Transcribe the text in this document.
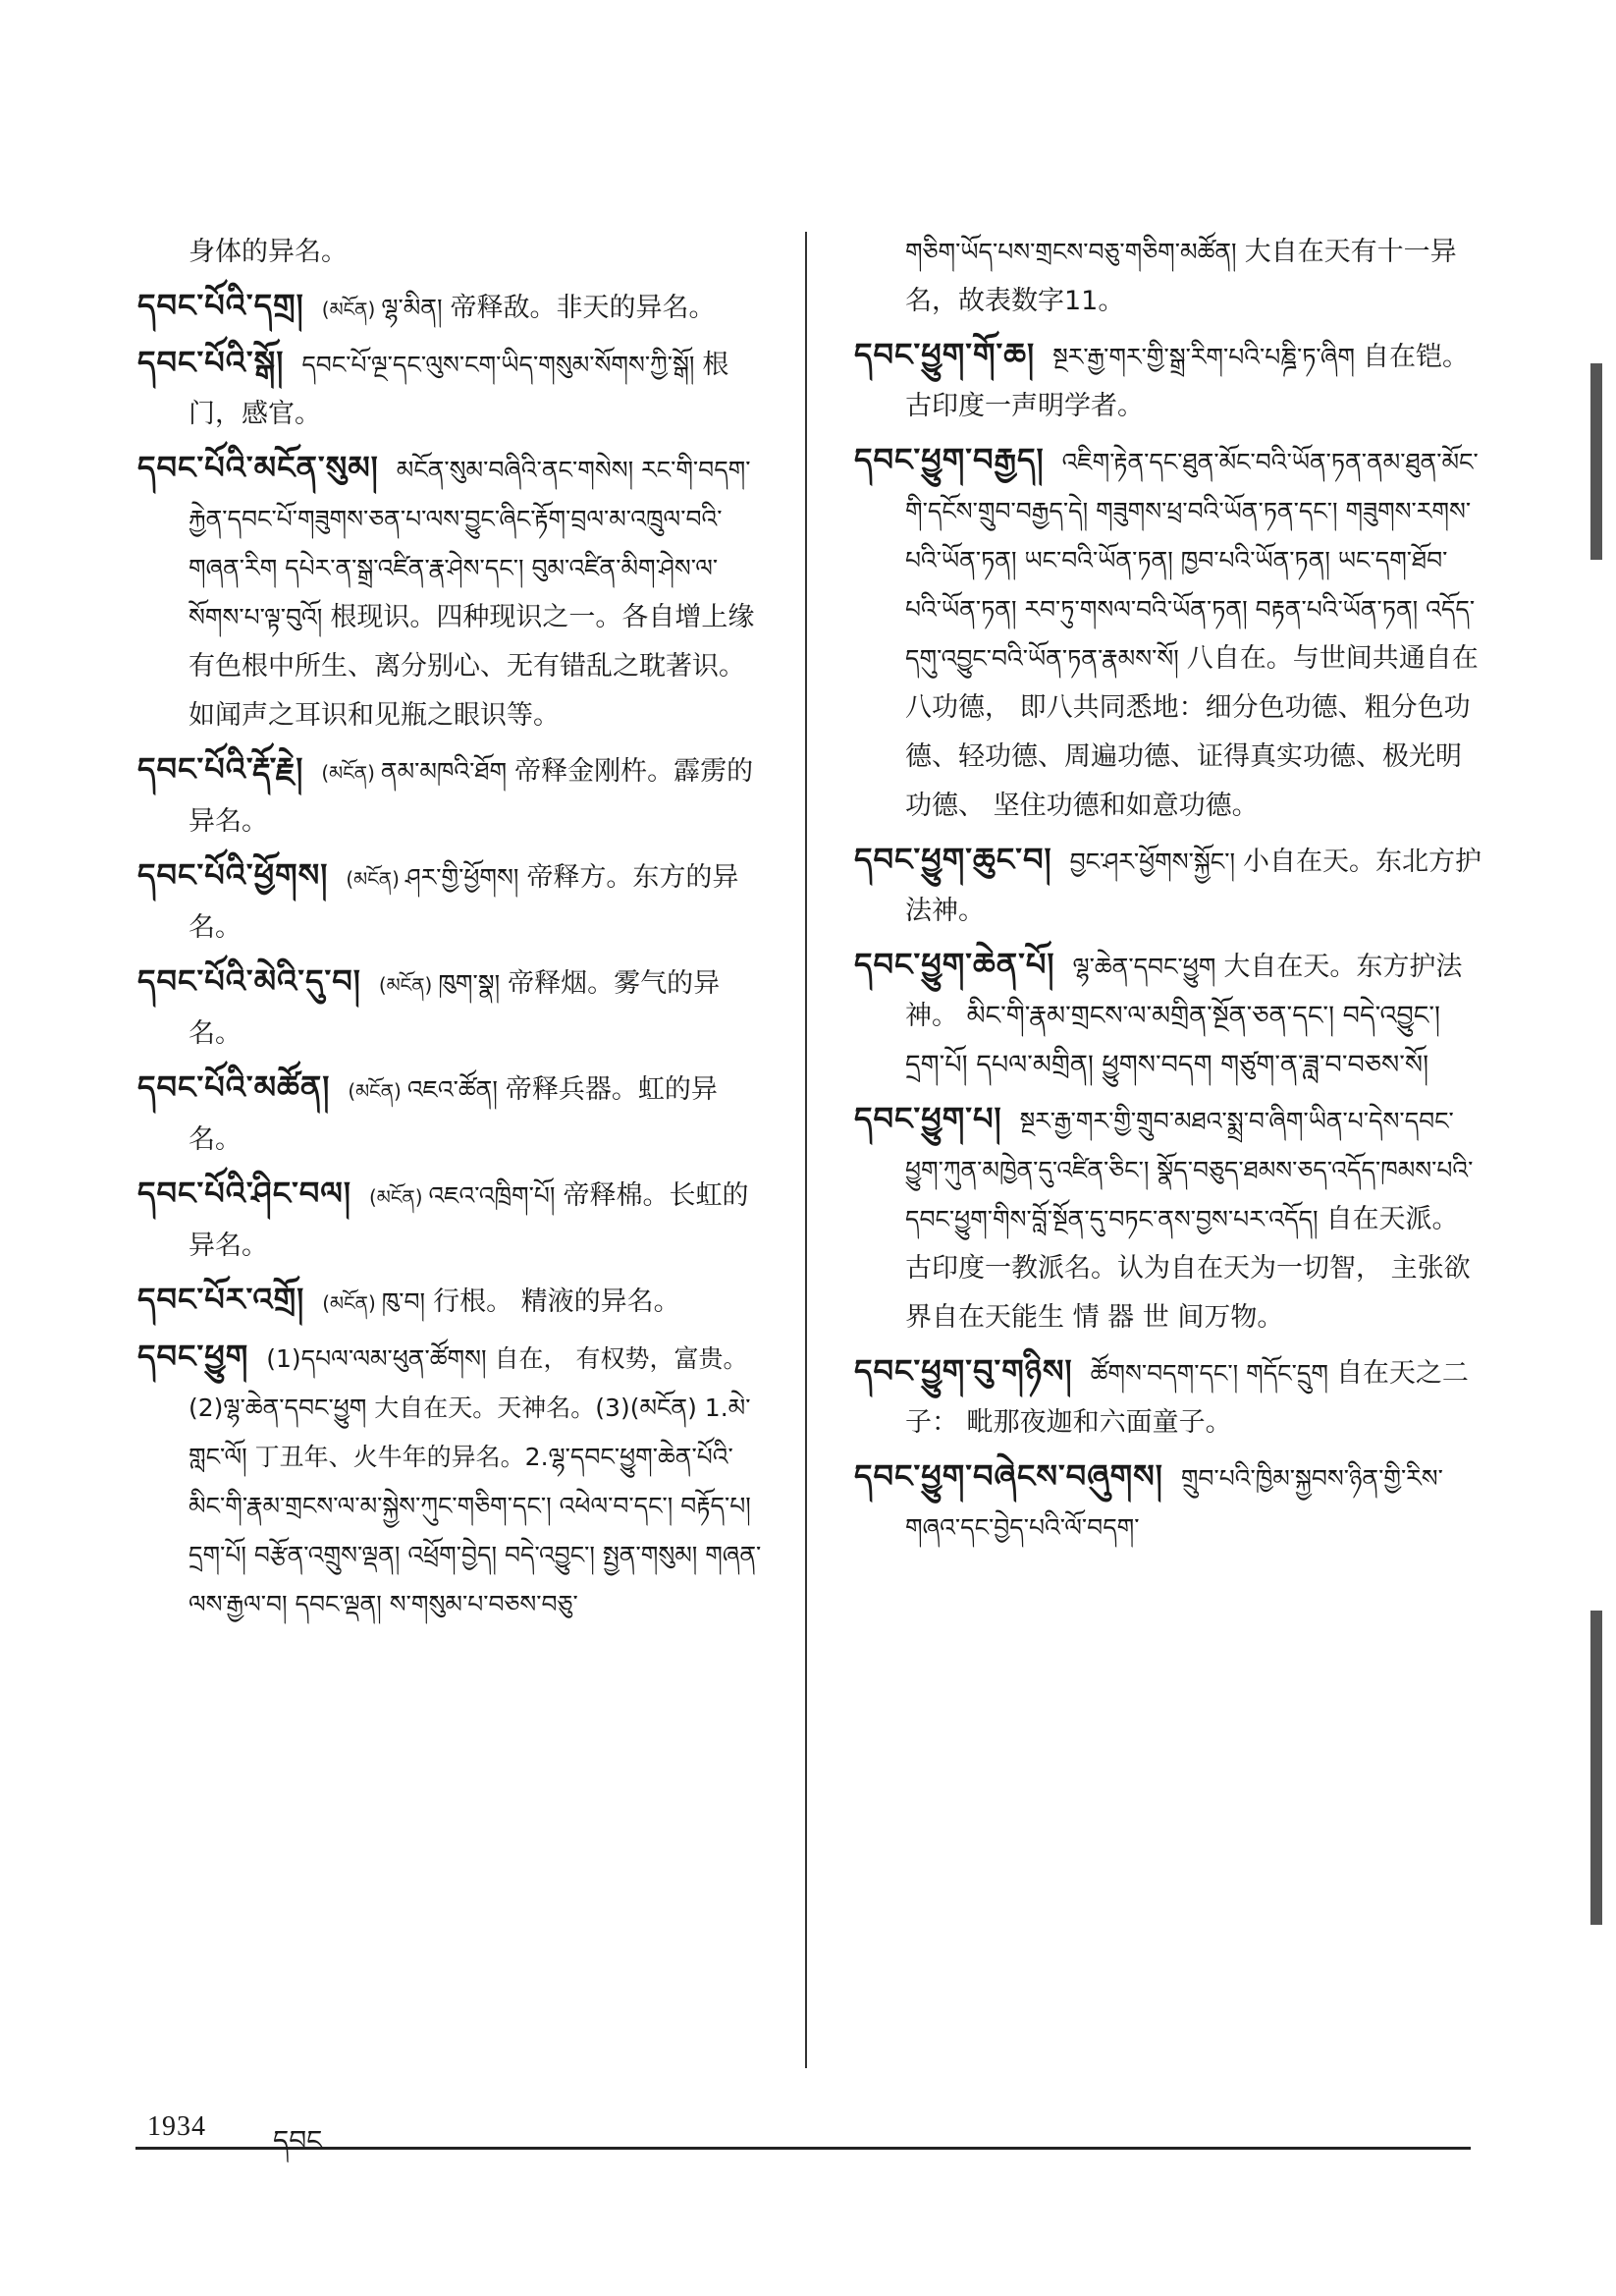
身体的异名。

དབང་པོའི་དགྲ། (མངོན) ལྷ་མིན། 帝释敌。非天的异名。

དབང་པོའི་སྒོ། དབང་པོ་ལྔ་དང་ལུས་ངག་ཡིད་གསུམ་སོགས་ཀྱི་སྒོ། 根门，感官。

དབང་པོའི་མངོན་སུམ། མངོན་སུམ་བཞིའི་ནང་གསེས། རང་གི་བདག་རྐྱེན་དབང་པོ་གཟུགས་ཅན་པ་ལས་བྱུང་ཞིང་རྟོག་བྲལ་མ་འཁྲུལ་བའི་གཞན་རིག དཔེར་ན་སྒྲ་འཛིན་རྣ་ཤེས་དང་། བུམ་འཛིན་མིག་ཤེས་ལ་སོགས་པ་ལྟ་བུའོ། 根现识。四种现识之一。各自增上缘有色根中所生、离分别心、无有错乱之耽著识。 如闻声之耳识和见瓶之眼识等。

དབང་པོའི་རྡོ་རྗེ། (མངོན) ནམ་མཁའི་ཐོག 帝释金刚杵。霹雳的异名。

དབང་པོའི་ཕྱོགས། (མངོན) ཤར་གྱི་ཕྱོགས། 帝释方。东方的异名。

དབང་པོའི་མེའི་དུ་བ། (མངོན) ཁུག་སྣ། 帝释烟。雾气的异名。

དབང་པོའི་མཚོན། (མངོན) འཇའ་ཚོན། 帝释兵器。虹的异名。

དབང་པོའི་ཤིང་བལ། (མངོན) འཇའ་འཁྲིག་པོ། 帝释棉。长虹的异名。

དབང་པོར་འགྲོ། (མངོན) ཁུ་བ། 行根。 精液的异名。

དབང་ཕྱུག (1)དཔལ་ལམ་ཕུན་ཚོགས། 自在， 有权势，富贵。(2)ལྷ་ཆེན་དབང་ཕྱུག 大自在天。天神名。(3)(མངོན) 1.མེ་གླང་ལོ། 丁丑年、火牛年的异名。2.ལྷ་དབང་ཕྱུག་ཆེན་པོའི་མིང་གི་རྣམ་གྲངས་ལ་མ་སྐྱེས་ཀུང་གཅིག་དང་། འཕེལ་བ་དང་། བརྟོད་པ། དྲག་པོ། བརྩོན་འགྲུས་ལྡན། འཕྲོག་བྱེད། བདེ་འབྱུང་། སྤྱན་གསུམ། གཞན་ལས་རྒྱལ་བ། དབང་ལྡན། ས་གསུམ་པ་བཅས་བཅུ་

གཅིག་ཡོད་པས་གྲངས་བཅུ་གཅིག་མཚོན། 大自在天有十一异名，故表数字11。

དབང་ཕྱུག་གོ་ཆ། སྔར་རྒྱ་གར་གྱི་སྒྲ་རིག་པའི་པཎྜི་ཏ་ཞིག 自在铠。古印度一声明学者。

དབང་ཕྱུག་བརྒྱད། འཇིག་རྟེན་དང་ཐུན་མོང་བའི་ཡོན་ཏན་ནམ་ཐུན་མོང་གི་དངོས་གྲུབ་བརྒྱད་དེ། གཟུགས་ཕྲ་བའི་ཡོན་ཏན་དང་། གཟུགས་རགས་པའི་ཡོན་ཏན། ཡང་བའི་ཡོན་ཏན། ཁྱབ་པའི་ཡོན་ཏན། ཡང་དག་ཐོབ་པའི་ཡོན་ཏན། རབ་ཏུ་གསལ་བའི་ཡོན་ཏན། བརྟན་པའི་ཡོན་ཏན། འདོད་དགུ་འབྱུང་བའི་ཡོན་ཏན་རྣམས་སོ། 八自在。与世间共通自在八功德， 即八共同悉地：细分色功德、粗分色功德、轻功德、周遍功德、证得真实功德、极光明功德、 坚住功德和如意功德。

དབང་ཕྱུག་ཆུང་བ། བྱང་ཤར་ཕྱོགས་སྐྱོང་། 小自在天。东北方护法神。

དབང་ཕྱུག་ཆེན་པོ། ལྷ་ཆེན་དབང་ཕྱུག 大自在天。东方护法神。 མིང་གི་རྣམ་གྲངས་ལ་མགྲིན་སྔོན་ཅན་དང་། བདེ་འབྱུང་། དྲག་པོ། དཔལ་མགྲིན། ཕྱུགས་བདག གཙུག་ན་ཟླ་བ་བཅས་སོ།

དབང་ཕྱུག་པ། སྔར་རྒྱ་གར་གྱི་གྲུབ་མཐའ་སྨྲ་བ་ཞིག་ཡིན་པ་དེས་དབང་ཕྱུག་ཀུན་མཁྱེན་དུ་འཛིན་ཅིང་། སྣོད་བཅུད་ཐམས་ཅད་འདོད་ཁམས་པའི་དབང་ཕྱུག་གིས་བློ་སྔོན་དུ་བཏང་ནས་བྱས་པར་འདོད། 自在天派。古印度一教派名。认为自在天为一切智， 主张欲界自在天能生 情 器 世 间万物。

དབང་ཕྱུག་བུ་གཉིས། ཚོགས་བདག་དང་། གདོང་དྲུག 自在天之二子： 毗那夜迦和六面童子。

དབང་ཕྱུག་བཞེངས་བཞུགས། གྲུབ་པའི་ཁྱིམ་སྐྱབས་ཉིན་གྱི་རིས་གཞའ་དང་བྱེད་པའི་ལོ་བདག་

1934 དབང
